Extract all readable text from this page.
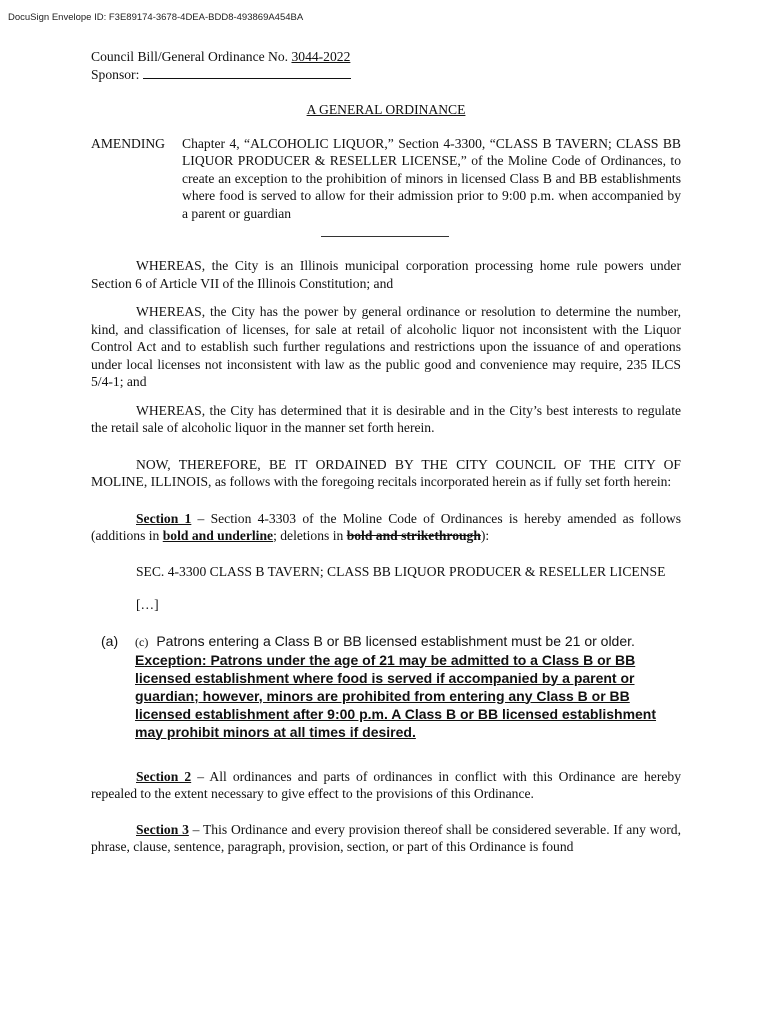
DocuSign Envelope ID: F3E89174-3678-4DEA-BDD8-493869A454BA

Council Bill/General Ordinance No. 3044-2022

Sponsor:

A GENERAL ORDINANCE

AMENDING	Chapter 4, “ALCOHOLIC LIQUOR,” Section 4-3300, “CLASS B TAVERN; CLASS BB LIQUOR PRODUCER & RESELLER LICENSE,” of the Moline Code of Ordinances, to create an exception to the prohibition of minors in licensed Class B and BB establishments where food is served to allow for their admission prior to 9:00 p.m. when accompanied by a parent or guardian

WHEREAS, the City is an Illinois municipal corporation processing home rule powers under Section 6 of Article VII of the Illinois Constitution; and

WHEREAS, the City has the power by general ordinance or resolution to determine the number, kind, and classification of licenses, for sale at retail of alcoholic liquor not inconsistent with the Liquor Control Act and to establish such further regulations and restrictions upon the issuance of and operations under local licenses not inconsistent with law as the public good and convenience may require, 235 ILCS 5/4-1; and

WHEREAS, the City has determined that it is desirable and in the City’s best interests to regulate the retail sale of alcoholic liquor in the manner set forth herein.

NOW, THEREFORE, BE IT ORDAINED BY THE CITY COUNCIL OF THE CITY OF MOLINE, ILLINOIS, as follows with the foregoing recitals incorporated herein as if fully set forth herein:

Section 1 – Section 4-3303 of the Moline Code of Ordinances is hereby amended as follows (additions in bold and underline; deletions in bold and strikethrough):

SEC. 4-3300 CLASS B TAVERN; CLASS BB LIQUOR PRODUCER & RESELLER LICENSE

[…]

(a)	(c) Patrons entering a Class B or BB licensed establishment must be 21 or older.
Exception: Patrons under the age of 21 may be admitted to a Class B or BB licensed establishment where food is served if accompanied by a parent or guardian; however, minors are prohibited from entering any Class B or BB licensed establishment after 9:00 p.m. A Class B or BB licensed establishment may prohibit minors at all times if desired.

Section 2 – All ordinances and parts of ordinances in conflict with this Ordinance are hereby repealed to the extent necessary to give effect to the provisions of this Ordinance.

Section 3 – This Ordinance and every provision thereof shall be considered severable. If any word, phrase, clause, sentence, paragraph, provision, section, or part of this Ordinance is found
